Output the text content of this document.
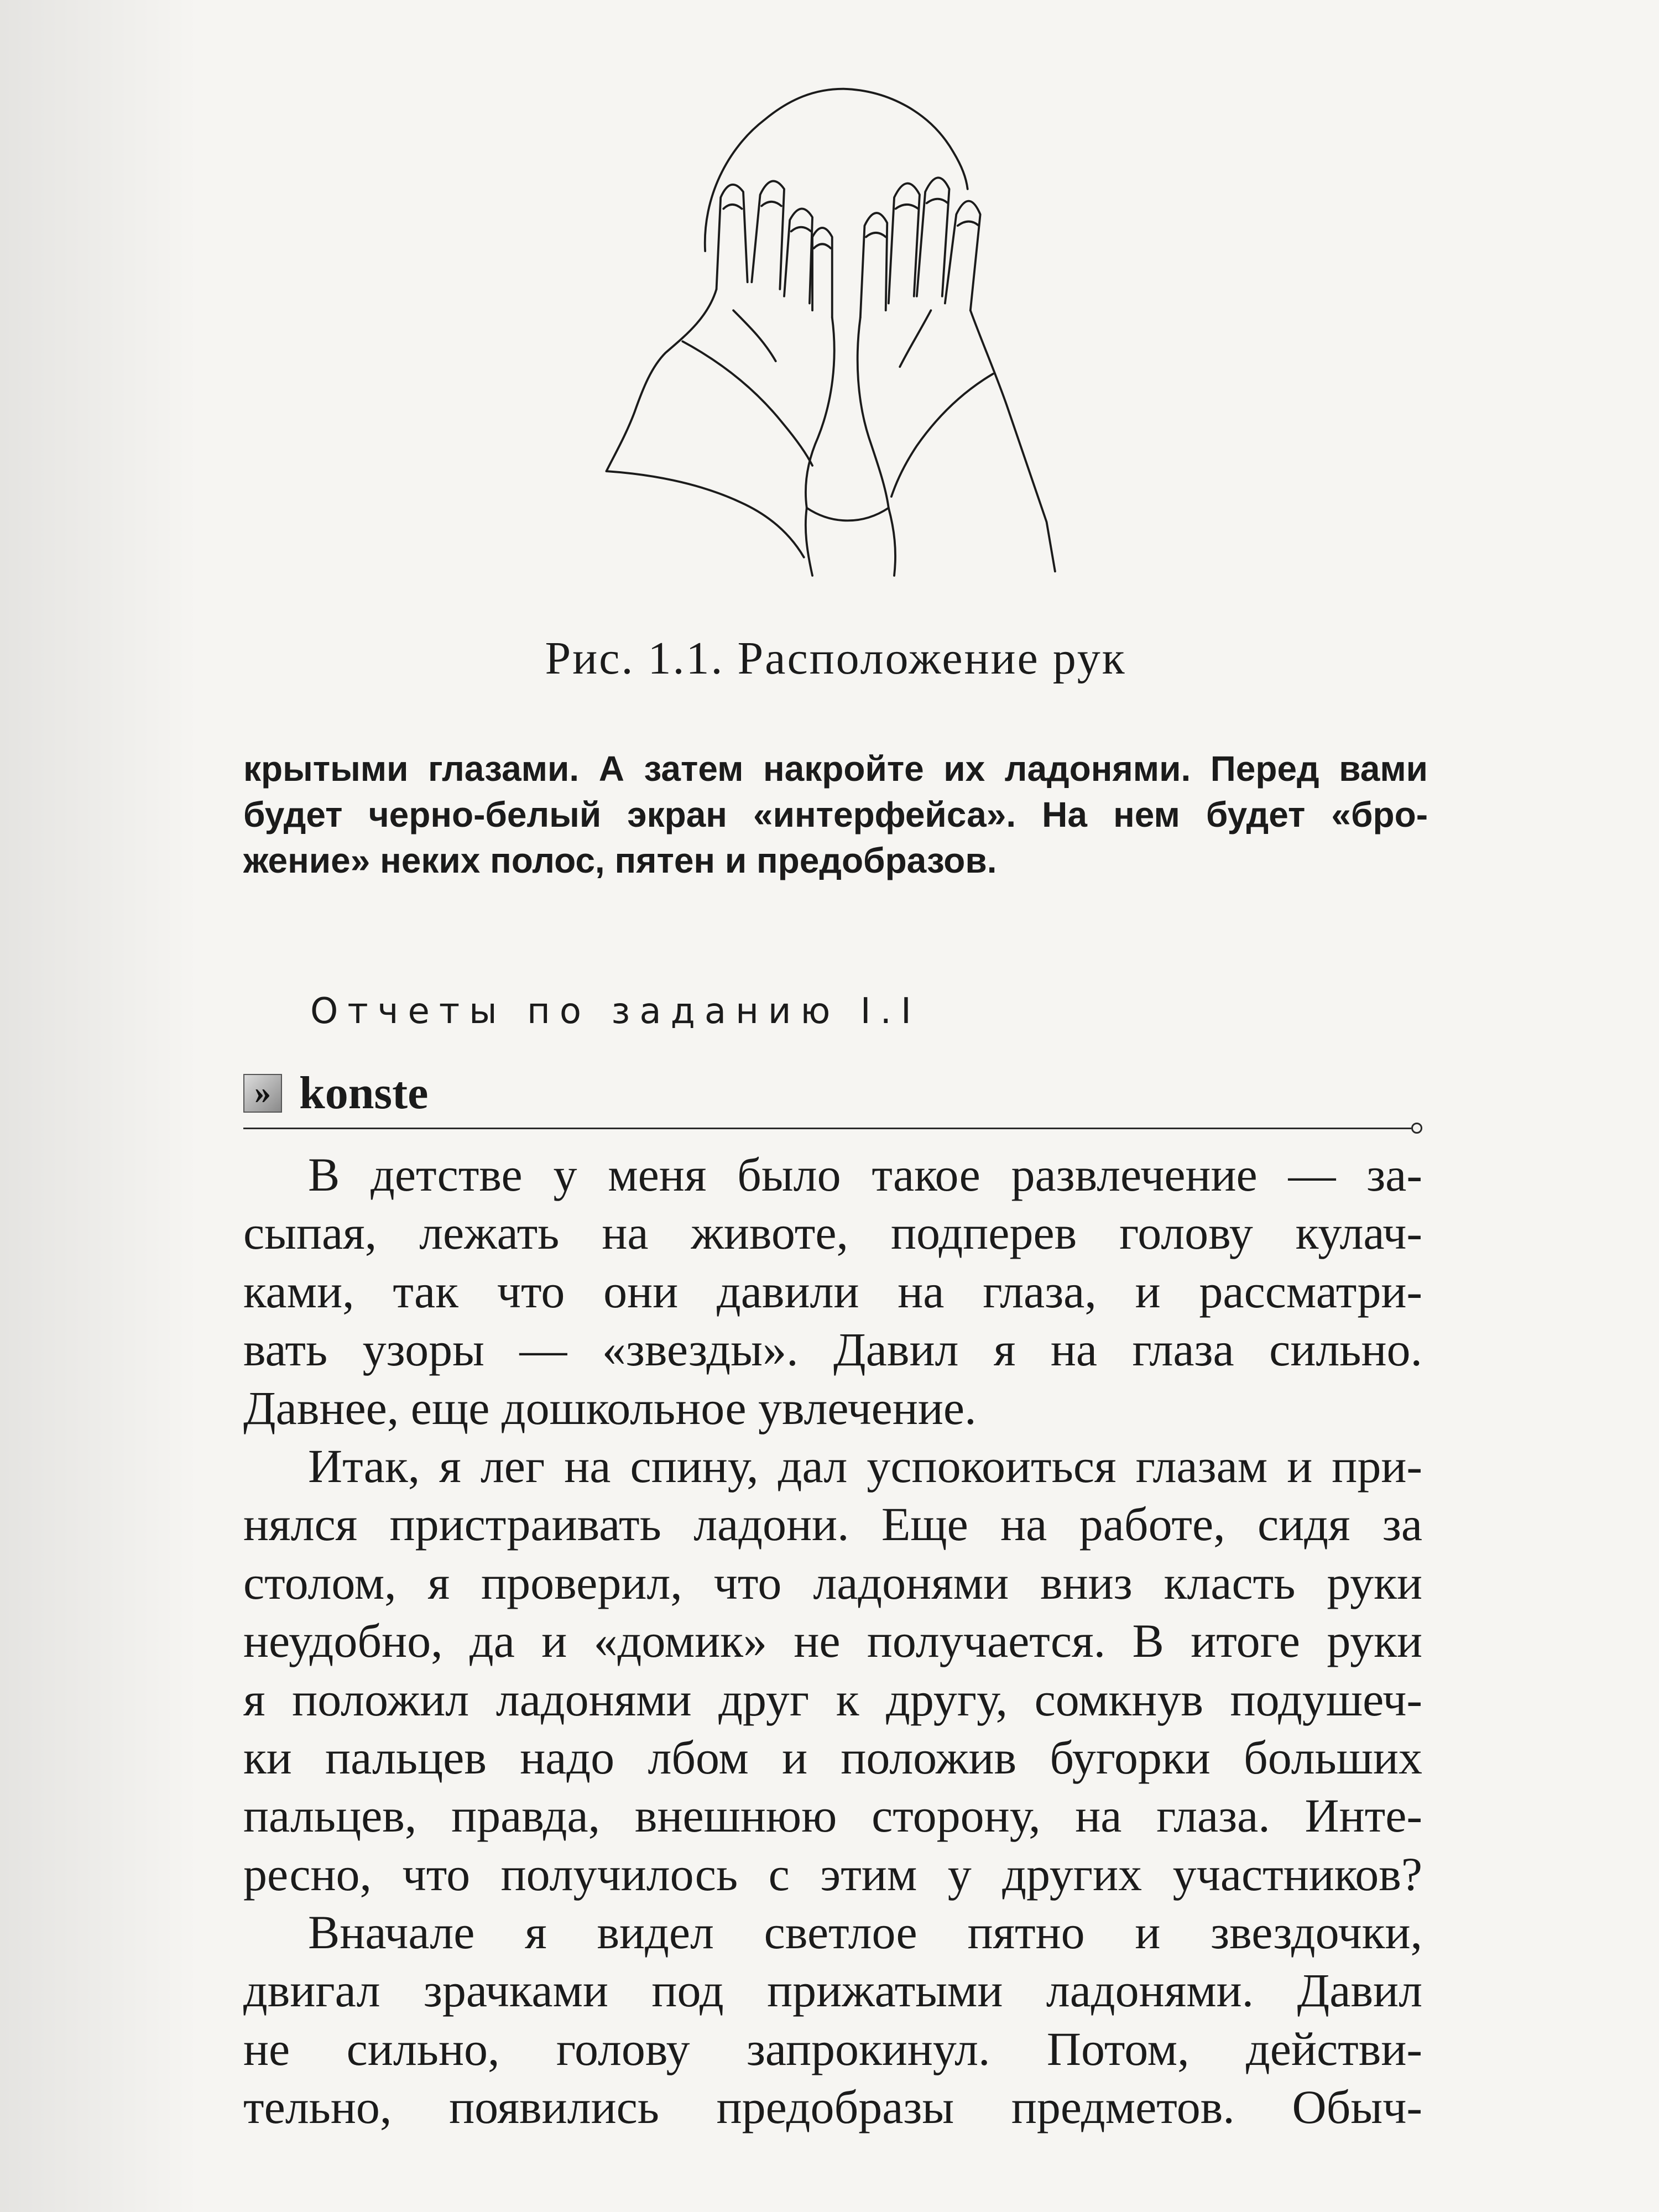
Рис. 1.1. Расположение рук
крытыми глазами. А затем накройте их ладонями. Перед вами
будет черно-белый экран «интерфейса». На нем будет «бро-
жение» неких полос, пятен и предобразов.
Отчеты по заданию I.I
» konste
В детстве у меня было такое развлечение — за-
сыпая, лежать на животе, подперев голову кулач-
ками, так что они давили на глаза, и рассматри-
вать узоры — «звезды». Давил я на глаза сильно.
Давнее, еще дошкольное увлечение.
Итак, я лег на спину, дал успокоиться глазам и при-
нялся пристраивать ладони. Еще на работе, сидя за
столом, я проверил, что ладонями вниз класть руки
неудобно, да и «домик» не получается. В итоге руки
я положил ладонями друг к другу, сомкнув подушеч-
ки пальцев надо лбом и положив бугорки больших
пальцев, правда, внешнюю сторону, на глаза. Инте-
ресно, что получилось с этим у других участников?
Вначале я видел светлое пятно и звездочки,
двигал зрачками под прижатыми ладонями. Давил
не сильно, голову запрокинул. Потом, действи-
тельно, появились предобразы предметов. Обыч-
